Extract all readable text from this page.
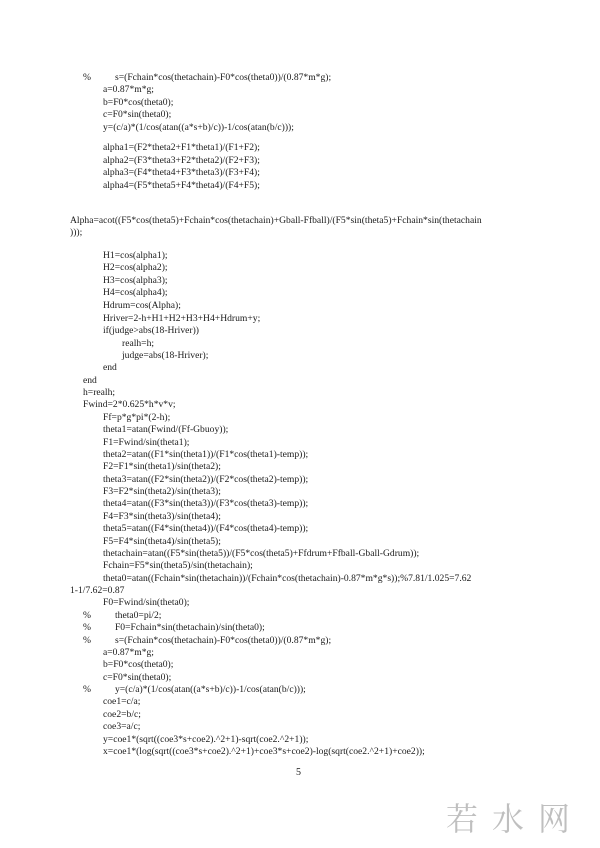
%          s=(Fchain*cos(thetachain)-F0*cos(theta0))/(0.87*m*g);
a=0.87*m*g;
b=F0*cos(theta0);
c=F0*sin(theta0);
y=(c/a)*(1/cos(atan((a*s+b)/c))-1/cos(atan(b/c)));
alpha1=(F2*theta2+F1*theta1)/(F1+F2);
alpha2=(F3*theta3+F2*theta2)/(F2+F3);
alpha3=(F4*theta4+F3*theta3)/(F3+F4);
alpha4=(F5*theta5+F4*theta4)/(F4+F5);
Alpha=acot((F5*cos(theta5)+Fchain*cos(thetachain)+Gball-Ffball)/(F5*sin(theta5)+Fchain*sin(thetachain
)));
H1=cos(alpha1);
H2=cos(alpha2);
H3=cos(alpha3);
H4=cos(alpha4);
Hdrum=cos(Alpha);
Hriver=2-h+H1+H2+H3+H4+Hdrum+y;
if(judge>abs(18-Hriver))
realh=h;
judge=abs(18-Hriver);
end
end
h=realh;
Fwind=2*0.625*h*v*v;
Ff=p*g*pi*(2-h);
theta1=atan(Fwind/(Ff-Gbuoy));
F1=Fwind/sin(theta1);
theta2=atan((F1*sin(theta1))/(F1*cos(theta1)-temp));
F2=F1*sin(theta1)/sin(theta2);
theta3=atan((F2*sin(theta2))/(F2*cos(theta2)-temp));
F3=F2*sin(theta2)/sin(theta3);
theta4=atan((F3*sin(theta3))/(F3*cos(theta3)-temp));
F4=F3*sin(theta3)/sin(theta4);
theta5=atan((F4*sin(theta4))/(F4*cos(theta4)-temp));
F5=F4*sin(theta4)/sin(theta5);
thetachain=atan((F5*sin(theta5))/(F5*cos(theta5)+Ffdrum+Ffball-Gball-Gdrum));
Fchain=F5*sin(theta5)/sin(thetachain);
theta0=atan((Fchain*sin(thetachain))/(Fchain*cos(thetachain)-0.87*m*g*s));%7.81/1.025=7.62
1-1/7.62=0.87
F0=Fwind/sin(theta0);
%          theta0=pi/2;
%          F0=Fchain*sin(thetachain)/sin(theta0);
%          s=(Fchain*cos(thetachain)-F0*cos(theta0))/(0.87*m*g);
a=0.87*m*g;
b=F0*cos(theta0);
c=F0*sin(theta0);
%          y=(c/a)*(1/cos(atan((a*s+b)/c))-1/cos(atan(b/c)));
coe1=c/a;
coe2=b/c;
coe3=a/c;
y=coe1*(sqrt((coe3*s+coe2).^2+1)-sqrt(coe2.^2+1));
x=coe1*(log(sqrt((coe3*s+coe2).^2+1)+coe3*s+coe2)-log(sqrt(coe2.^2+1)+coe2));
5
若水网
